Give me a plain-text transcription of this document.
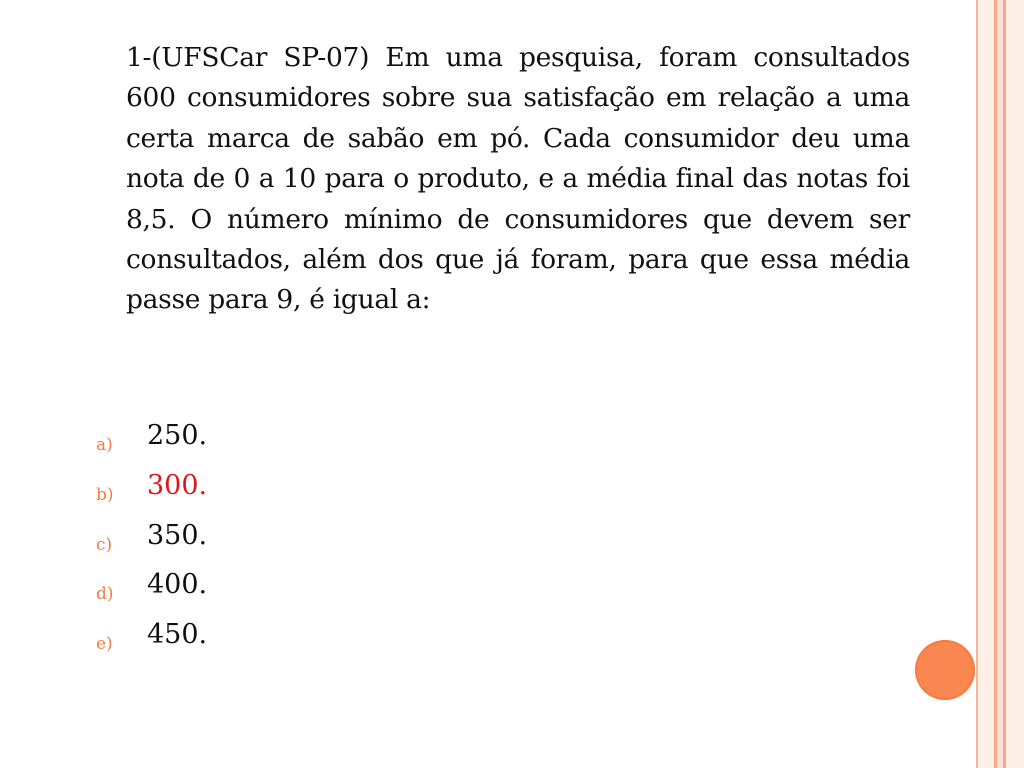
1-(UFSCar SP-07) Em uma pesquisa, foram consultados 600 consumidores sobre sua satisfação em relação a uma certa marca de sabão em pó. Cada consumidor deu uma nota de 0 a 10 para o produto, e a média final das notas foi 8,5. O número mínimo de consumidores que devem ser consultados, além dos que já foram, para que essa média passe para 9, é igual a:

a) 250.
b) 300.
c) 350.
d) 400.
e) 450.
